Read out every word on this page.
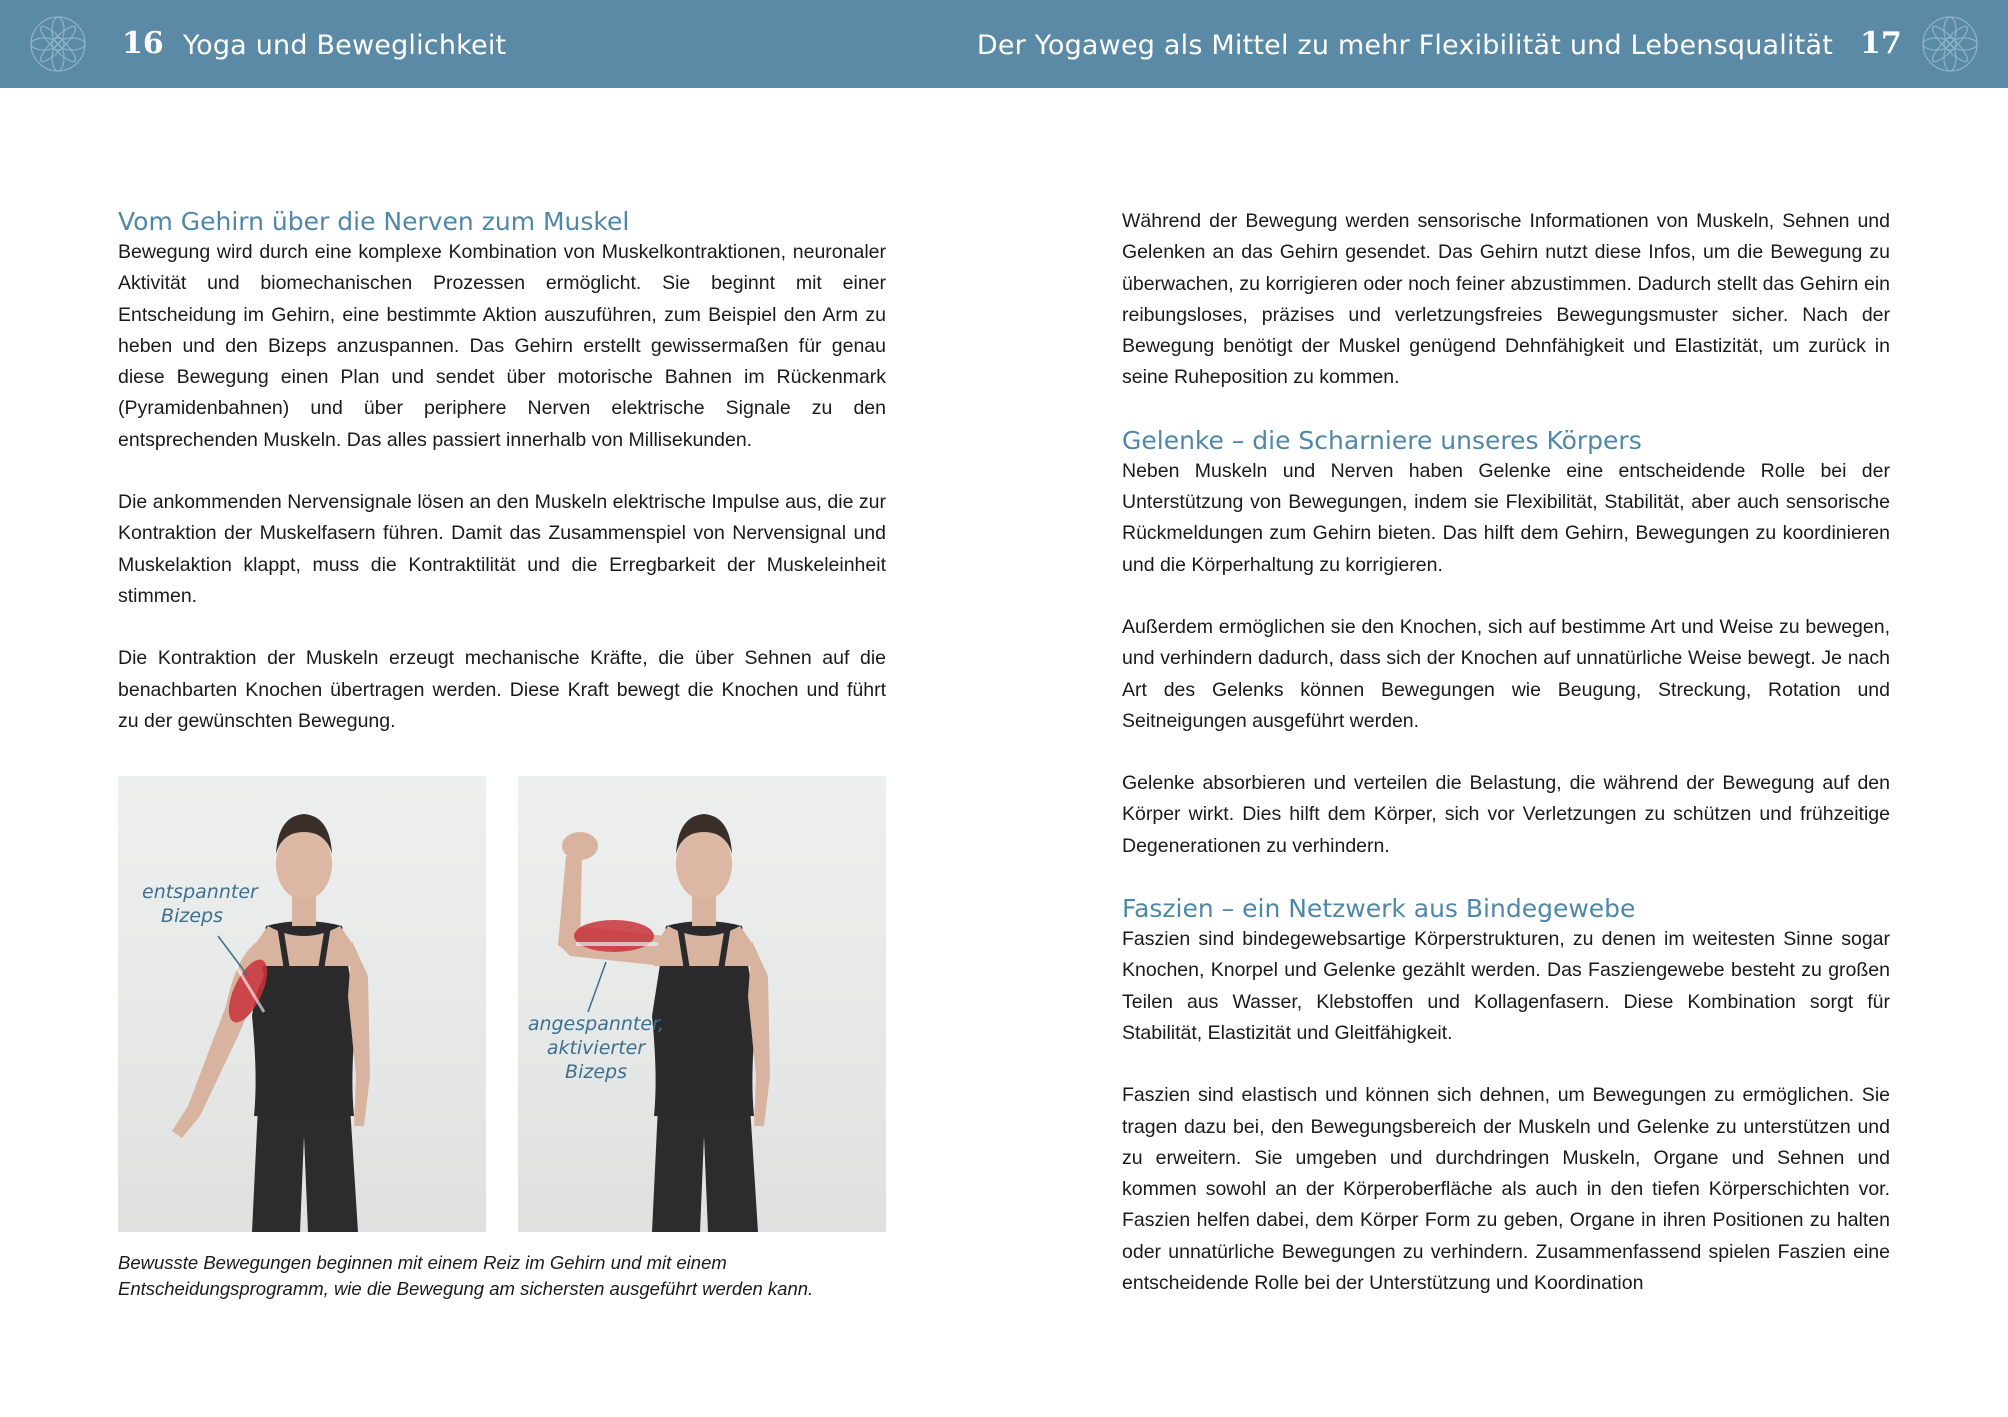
16 Yoga und Beweglichkeit	Der Yogaweg als Mittel zu mehr Flexibilität und Lebensqualität 17
Vom Gehirn über die Nerven zum Muskel

Bewegung wird durch eine komplexe Kombination von Muskelkontraktionen, neuronaler Aktivität und biomechanischen Prozessen ermöglicht. Sie beginnt mit einer Entscheidung im Gehirn, eine bestimmte Aktion auszuführen, zum Beispiel den Arm zu heben und den Bizeps anzuspannen. Das Gehirn erstellt gewissermaßen für genau diese Bewegung einen Plan und sendet über motorische Bahnen im Rückenmark (Pyramidenbahnen) und über periphere Nerven elektrische Signale zu den entsprechenden Muskeln. Das alles passiert innerhalb von Millisekunden.

Die ankommenden Nervensignale lösen an den Muskeln elektrische Impulse aus, die zur Kontraktion der Muskelfasern führen. Damit das Zusammenspiel von Nervensignal und Muskelaktion klappt, muss die Kontraktilität und die Erregbarkeit der Muskeleinheit stimmen.

Die Kontraktion der Muskeln erzeugt mechanische Kräfte, die über Sehnen auf die benachbarten Knochen übertragen werden. Diese Kraft bewegt die Knochen und führt zu der gewünschten Bewegung.

entspannter
Bizeps
angespannter,
aktivierter
Bizeps
Bewusste Bewegungen beginnen mit einem Reiz im Gehirn und mit einem Entscheidungsprogramm, wie die Bewegung am sichersten ausgeführt werden kann.

Während der Bewegung werden sensorische Informationen von Muskeln, Sehnen und Gelenken an das Gehirn gesendet. Das Gehirn nutzt diese Infos, um die Bewegung zu überwachen, zu korrigieren oder noch feiner abzustimmen. Dadurch stellt das Gehirn ein reibungsloses, präzises und verletzungsfreies Bewegungsmuster sicher. Nach der Bewegung benötigt der Muskel genügend Dehnfähigkeit und Elastizität, um zurück in seine Ruheposition zu kommen.

Gelenke – die Scharniere unseres Körpers

Neben Muskeln und Nerven haben Gelenke eine entscheidende Rolle bei der Unterstützung von Bewegungen, indem sie Flexibilität, Stabilität, aber auch sensorische Rückmeldungen zum Gehirn bieten. Das hilft dem Gehirn, Bewegungen zu koordinieren und die Körperhaltung zu korrigieren.

Außerdem ermöglichen sie den Knochen, sich auf bestimme Art und Weise zu bewegen, und verhindern dadurch, dass sich der Knochen auf unnatürliche Weise bewegt. Je nach Art des Gelenks können Bewegungen wie Beugung, Streckung, Rotation und Seitneigungen ausgeführt werden.

Gelenke absorbieren und verteilen die Belastung, die während der Bewegung auf den Körper wirkt. Dies hilft dem Körper, sich vor Verletzungen zu schützen und frühzeitige Degenerationen zu verhindern.

Faszien – ein Netzwerk aus Bindegewebe

Faszien sind bindegewebsartige Körperstrukturen, zu denen im weitesten Sinne sogar Knochen, Knorpel und Gelenke gezählt werden. Das Fasziengewebe besteht zu großen Teilen aus Wasser, Klebstoffen und Kollagenfasern. Diese Kombination sorgt für Stabilität, Elastizität und Gleitfähigkeit.

Faszien sind elastisch und können sich dehnen, um Bewegungen zu ermöglichen. Sie tragen dazu bei, den Bewegungsbereich der Muskeln und Gelenke zu unterstützen und zu erweitern. Sie umgeben und durchdringen Muskeln, Organe und Sehnen und kommen sowohl an der Körperoberfläche als auch in den tiefen Körperschichten vor. Faszien helfen dabei, dem Körper Form zu geben, Organe in ihren Positionen zu halten oder unnatürliche Bewegungen zu verhindern. Zusammenfassend spielen Faszien eine entscheidende Rolle bei der Unterstützung und Koordination
